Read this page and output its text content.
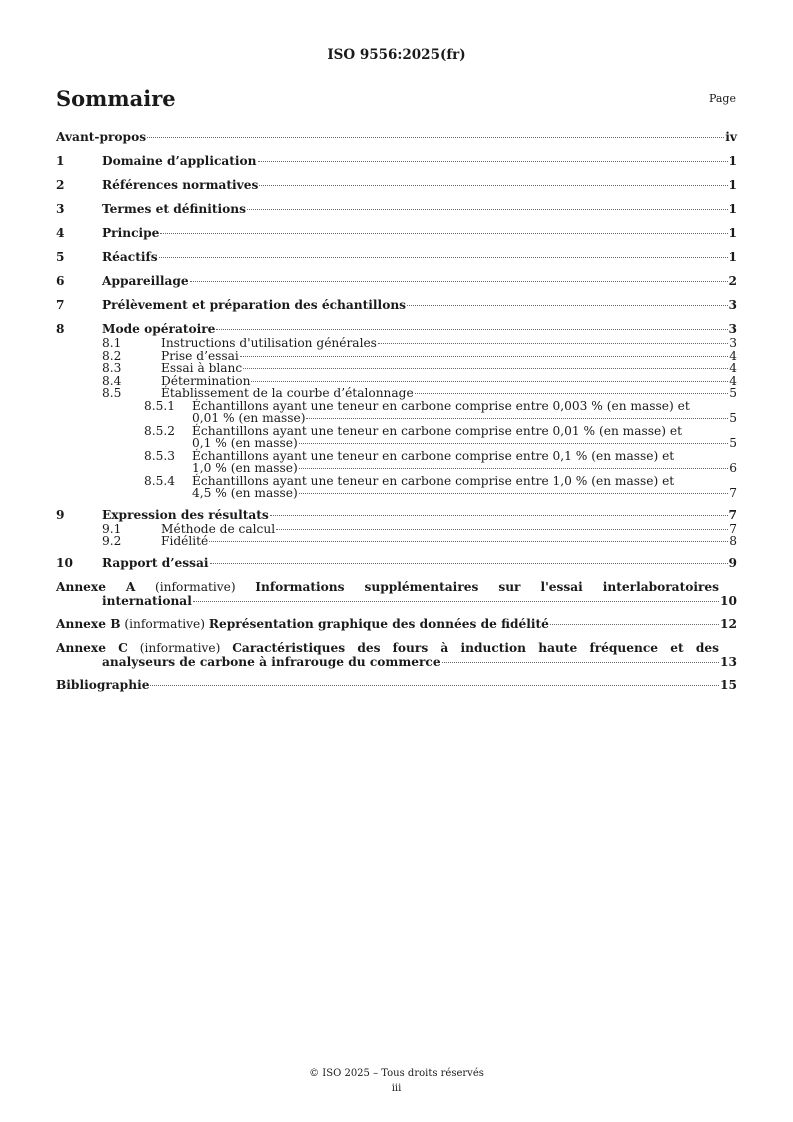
ISO 9556:2025(fr)
Sommaire	Page
Avant-propos	iv
1	Domaine d’application	1
2	Références normatives	1
3	Termes et définitions	1
4	Principe	1
5	Réactifs	1
6	Appareillage	2
7	Prélèvement et préparation des échantillons	3
8	Mode opératoire	3
8.1	Instructions d'utilisation générales	3
8.2	Prise d’essai	4
8.3	Essai à blanc	4
8.4	Détermination	4
8.5	Établissement de la courbe d’étalonnage	5
8.5.1 Échantillons ayant une teneur en carbone comprise entre 0,003 % (en masse) et
0,01 % (en masse)	5
8.5.2 Échantillons ayant une teneur en carbone comprise entre 0,01 % (en masse) et
0,1 % (en masse)	5
8.5.3 Échantillons ayant une teneur en carbone comprise entre 0,1 % (en masse) et
1,0 % (en masse)	6
8.5.4 Échantillons ayant une teneur en carbone comprise entre 1,0 % (en masse) et
4,5 % (en masse)	7
9	Expression des résultats	7
9.1	Méthode de calcul	7
9.2	Fidélité	8
10 Rapport d’essai	9
Annexe A (informative) Informations supplémentaires sur l'essai interlaboratoires
international	10
Annexe B
(informative)
Représentation graphique des données de fidélité	12
Annexe C (informative) Caractéristiques des fours à induction haute fréquence et des
analyseurs de carbone à infrarouge du commerce	13
Bibliographie	15
© ISO 2025 – Tous droits réservés
iii
